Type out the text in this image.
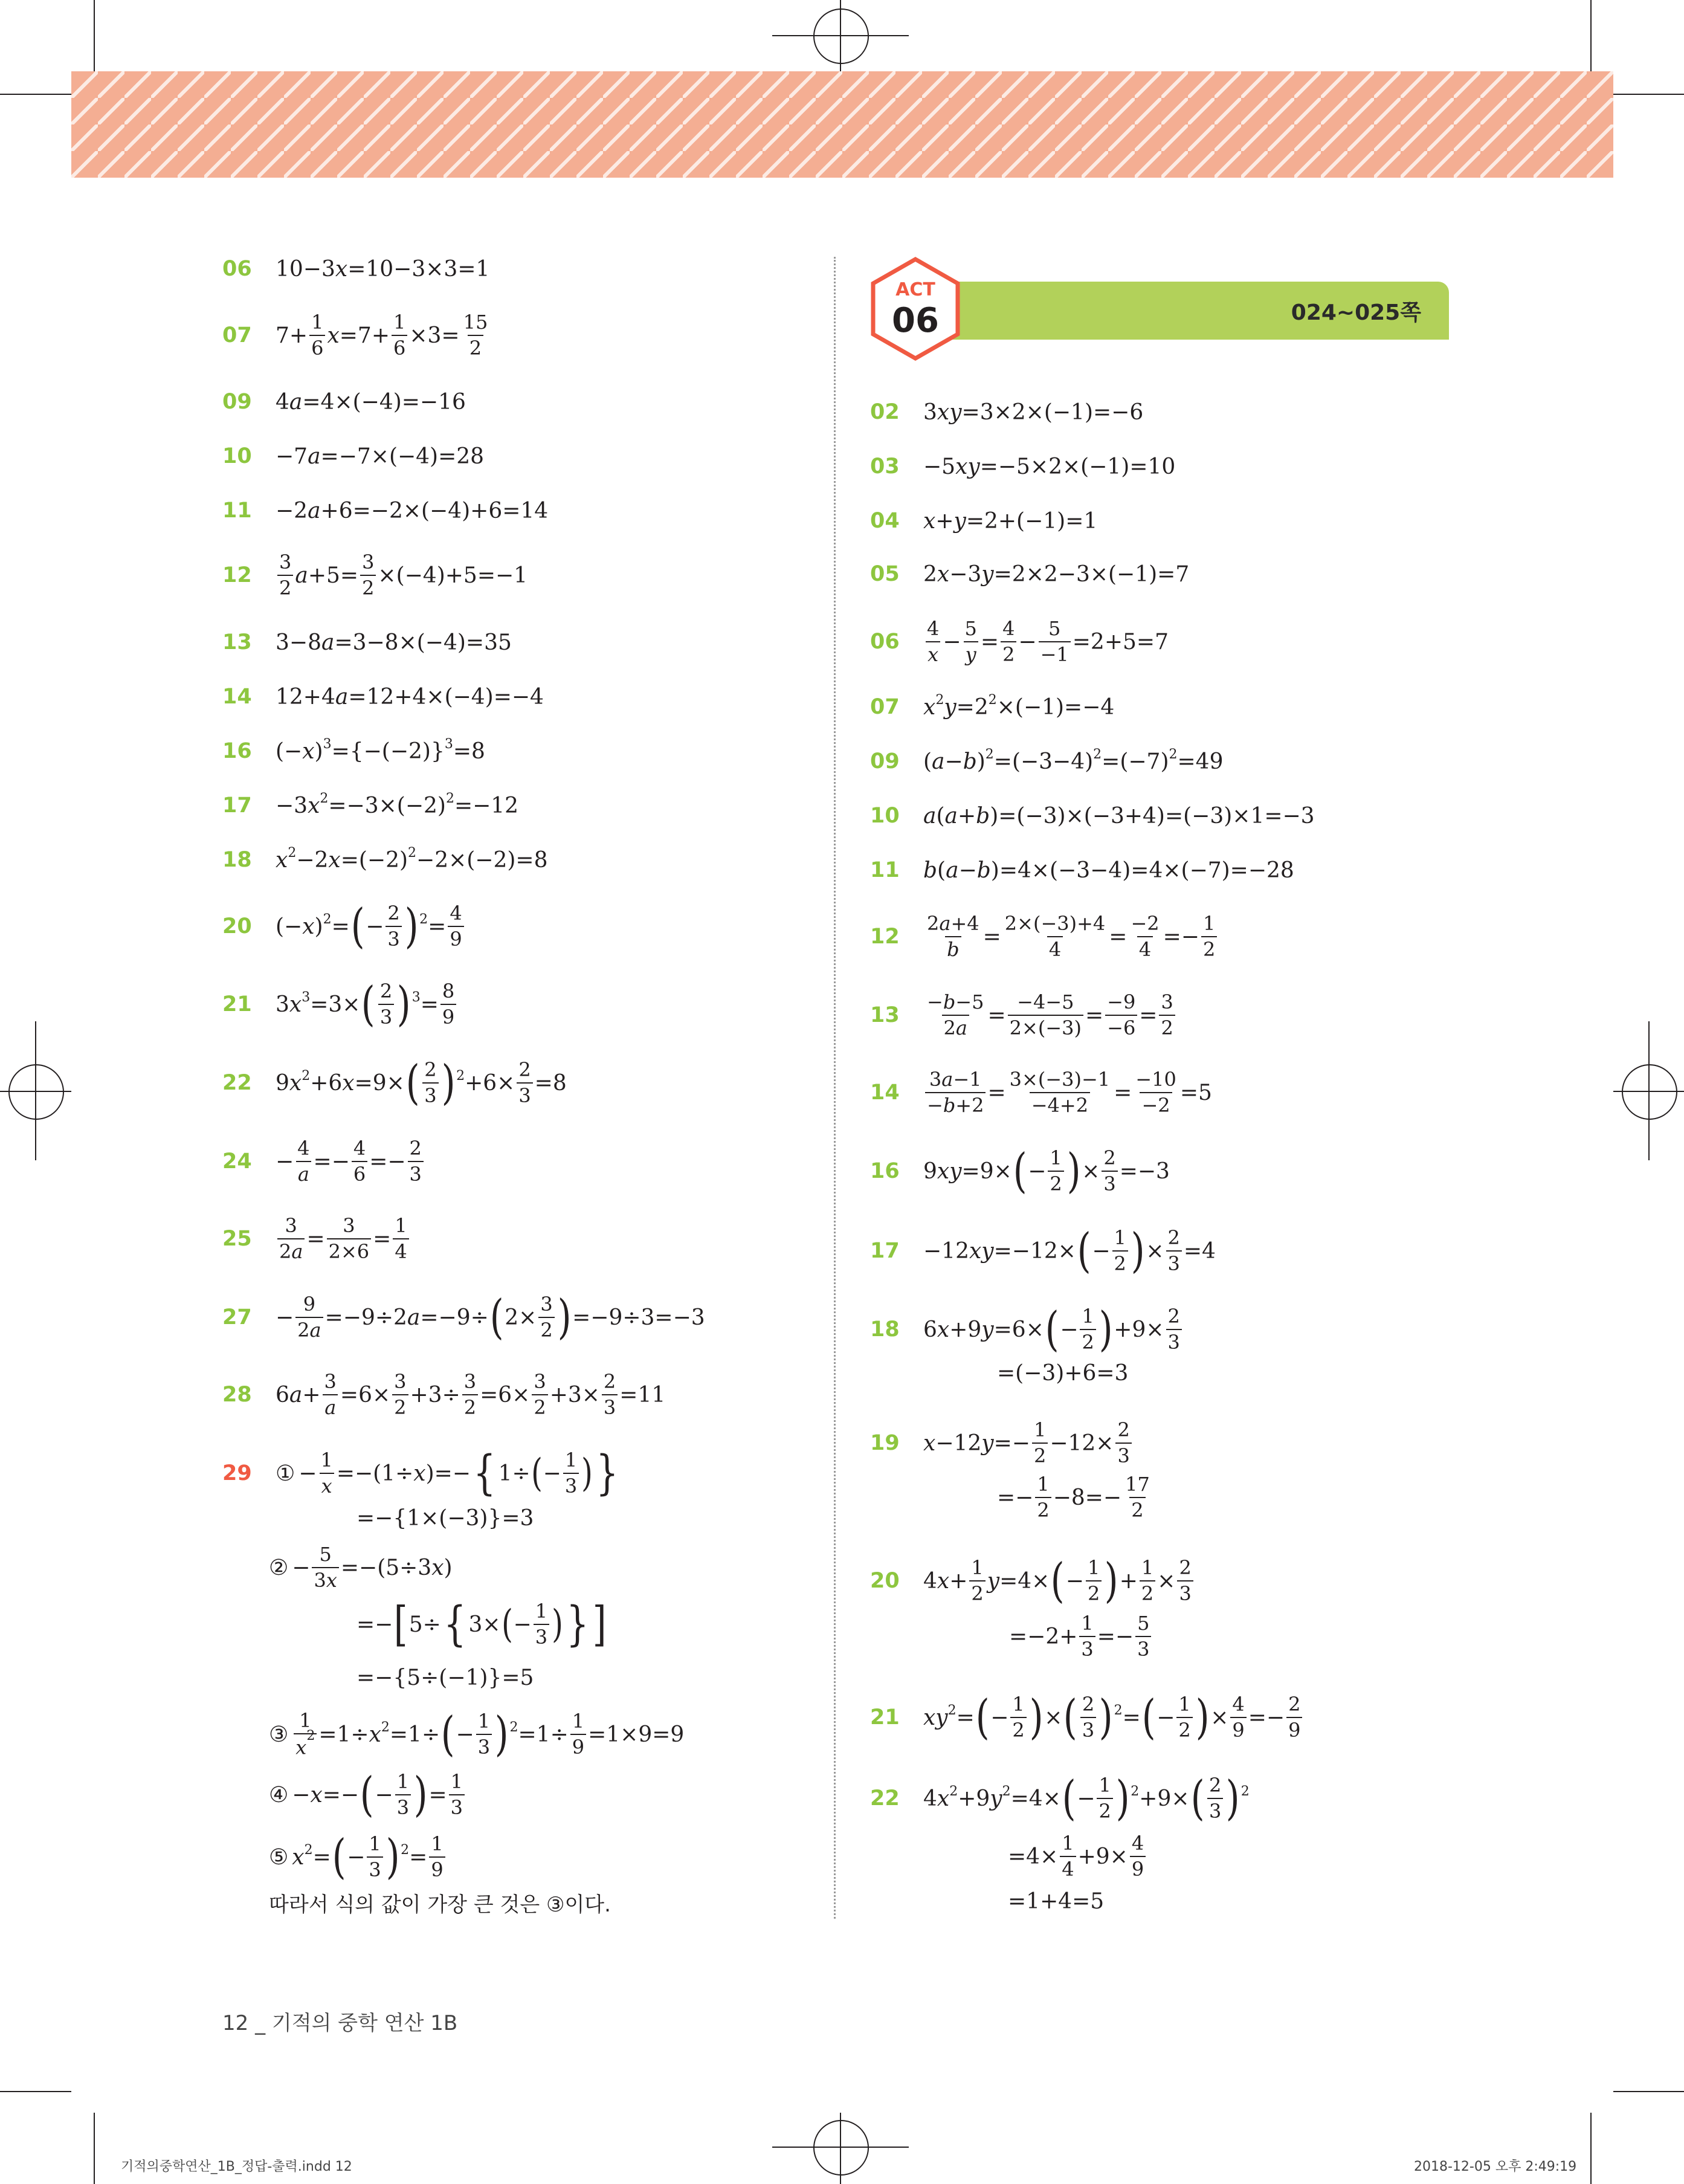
024~025쪽
ACT
06
06	10−3 x =10−3×3=1
07	$7+ \frac{1}{6}$ $x =7+ \frac{1}{6} \times 3= \frac{15}{2}$
09	4 a =4×(−4)=−16
10	−7 a =−7×(−4)=28
11	−2 a +6=−2×(−4)+6=14
12	$\frac{3}{2}$ $a +5= \frac{3}{2} \times(-4)+5=-1$
13	3−8 a =3−8×(−4)=35
14	12+4 a =12+4×(−4)=−4
16	(− x ) 3 ={−(−2)} 3 =8
17	−3 x 2 =−3×(−2) 2 =−12
18	x 2 −2 x =(−2) 2 −2×(−2)=8
20	(− x ) 2 = ( − $\frac{2}{3}$ ) $2 = \frac{4}{9}$
21	3 x 3 =3× ( $\frac{2}{3}$ ) $3 = \frac{8}{9}$
22	9 x 2 +6 x =9× ( $\frac{2}{3}$ ) $2 +6\times \frac{2}{3} =8$
24	− $\frac{4}{a} =- \frac{4}{6} =- \frac{2}{3}$
25	$\frac{3}{2a} = \frac{3}{2\times 6} = \frac{1}{4}$
27	− $\frac{9}{2a} =-9\div 2$ a =−9÷ ( $2\times \frac{3}{2}$ ) =−9÷3=−3
28	6 $a + \frac{3}{a} =6\times \frac{3}{2} +3\div \frac{3}{2} =6\times \frac{3}{2} +3\times \frac{2}{3} =11$
29	① − $\frac{1}{x} =-(1\div x$ )=− { 1÷ ( − $\frac{1}{3}$ ) }
=−{1×(−3)}=3
② − $\frac{5}{3x} =-(5\div 3$ x )
=− [ 5÷ { 3× ( − $\frac{1}{3}$ ) } ]
=−{5÷(−1)}=5
③ $\frac{1}{x^2} =1\div x$ 2 =1÷ ( − $\frac{1}{3}$ ) $2 =1\div \frac{1}{9} =1\times 9=9$
④ − x =− ( − $\frac{1}{3}$ ) = $\frac{1}{3}$
⑤ x 2 = ( − $\frac{1}{3}$ ) $2 = \frac{1}{9}$
따라서 식의 값이 가장 큰 것은 ③이다.
02	3 xy =3×2×(−1)=−6
03	−5 xy =−5×2×(−1)=10
04	x + y =2+(−1)=1
05	2 x −3 y =2×2−3×(−1)=7
06	$\frac{4}{x} - \frac{5}{y} = \frac{4}{2} - \frac{5}{-1} =2+5=7$
07	x 2 y =2 2 ×(−1)=−4
09	( a − b ) 2 =(−3−4) 2 =(−7) 2 =49
10	a ( a + b )=(−3)×(−3+4)=(−3)×1=−3
11	b ( a − b )=4×(−3−4)=4×(−7)=−28
12	$\frac{2a+4}{b} = \frac{2\times(-3)+4}{4} = \frac{-2}{4} =- \frac{1}{2}$
13	$\frac{-b-5}{2a} = \frac{-4-5}{2\times(-3)} = \frac{-9}{-6} = \frac{3}{2}$
14	$\frac{3a-1}{-b+2} = \frac{3\times(-3)-1}{-4+2} = \frac{-10}{-2} =5$
16	9 xy =9× ( − $\frac{1}{2}$ ) × $\frac{2}{3} =-3$
17	−12 xy =−12× ( − $\frac{1}{2}$ ) × $\frac{2}{3} =4$
18	6 x +9 y =6× ( − $\frac{1}{2}$ ) $+9\times \frac{2}{3}$
=(−3)+6=3
19	x −12 $y =- \frac{1}{2} -12\times \frac{2}{3}$
=− $\frac{1}{2} -8=- \frac{17}{2}$
20	4 $x + \frac{1}{2}$ y =4× ( − $\frac{1}{2}$ ) + $\frac{1}{2} \times \frac{2}{3}$
$=-2+ \frac{1}{3} =- \frac{5}{3}$
21	xy 2 = ( − $\frac{1}{2}$ ) × ( $\frac{2}{3}$ ) 2 = ( − $\frac{1}{2}$ ) × $\frac{4}{9} =- \frac{2}{9}$
22	4 x 2 +9 y 2 =4× ( − $\frac{1}{2}$ ) 2 +9× ( $\frac{2}{3}$ ) 2
$=4\times \frac{1}{4} +9\times \frac{4}{9}$
=1+4=5
12 _ 기적의 중학 연산 1B
기적의중학연산_1B_정답-출력.indd 12	2018-12-05 오후 2:49:19
